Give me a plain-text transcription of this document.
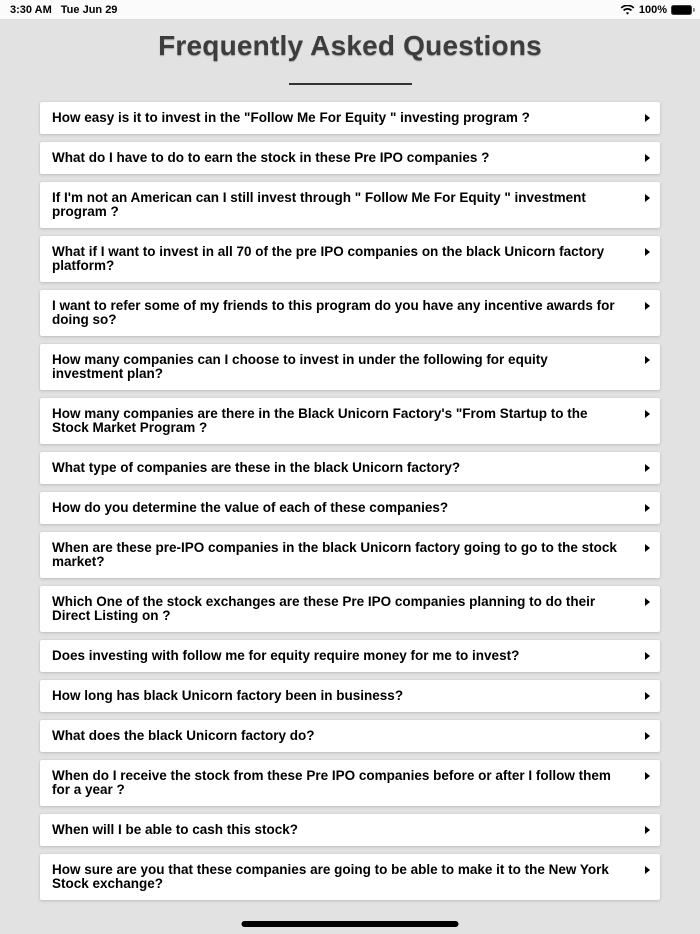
3:30 AM Tue Jun 29	100%
Frequently Asked Questions
How easy is it to invest in the "Follow Me For Equity " investing program ?
What do I have to do to earn the stock in these Pre IPO companies ?
If I'm not an American can I still invest through " Follow Me For Equity " investment program ?
What if I want to invest in all 70 of the pre IPO companies on the black Unicorn factory platform?
I want to refer some of my friends to this program do you have any incentive awards for doing so?
How many companies can I choose to invest in under the following for equity investment plan?
How many companies are there in the Black Unicorn Factory's "From Startup to the Stock Market Program ?
What type of companies are these in the black Unicorn factory?
How do you determine the value of each of these companies?
When are these pre-IPO companies in the black Unicorn factory going to go to the stock market?
Which One of the stock exchanges are these Pre IPO companies planning to do their Direct Listing on ?
Does investing with follow me for equity require money for me to invest?
How long has black Unicorn factory been in business?
What does the black Unicorn factory do?
When do I receive the stock from these Pre IPO companies before or after I follow them for a year ?
When will I be able to cash this stock?
How sure are you that these companies are going to be able to make it to the New York Stock exchange?
